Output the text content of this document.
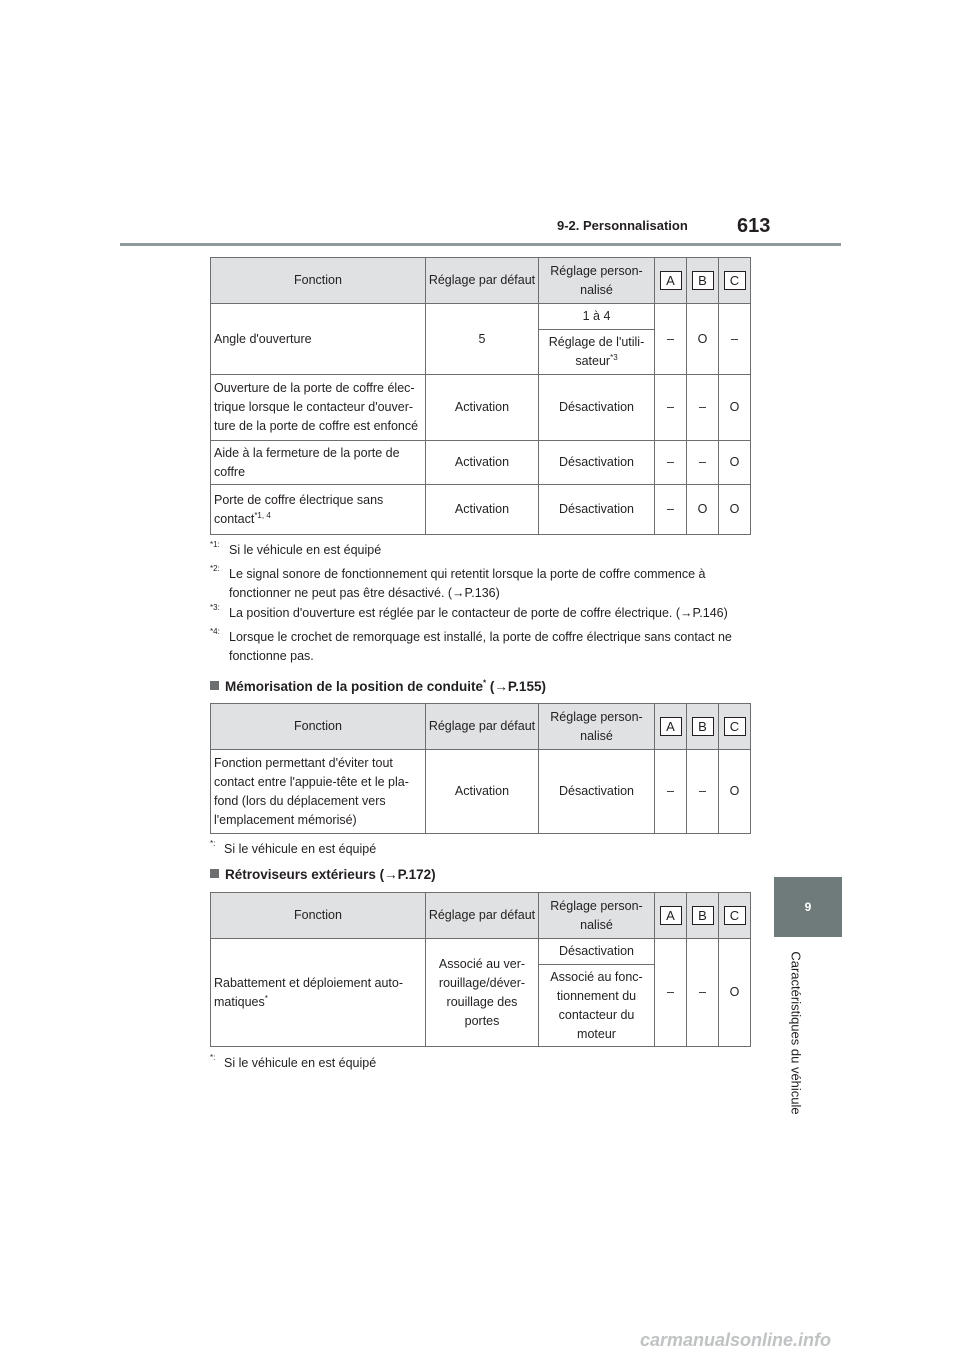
9-2. Personnalisation 613
9
Caractéristiques du véhicule
Fonction	Réglage par défaut	Réglage person-nalisé	A	B	C
Angle d'ouverture	5	1 à 4	–	O	–
		Réglage de l'utili-sateur$^{*3}$
Ouverture de la porte de coffre élec-trique lorsque le contacteur d'ouver-ture de la porte de coffre est enfoncé	Activation	Désactivation	–	–	O
Aide à la fermeture de la porte de coffre	Activation	Désactivation	–	–	O
Porte de coffre électrique sans contact$^{*1, 4}$	Activation	Désactivation	–	O	O
$^{*1:}$ Si le véhicule en est équipé
$^{*2:}$ Le signal sonore de fonctionnement qui retentit lorsque la porte de coffre commence à
fonctionner ne peut pas être désactivé. (→P.136)
$^{*3:}$ La position d'ouverture est réglée par le contacteur de porte de coffre électrique. (→P.146)
$^{*4:}$ Lorsque le crochet de remorquage est installé, la porte de coffre électrique sans contact ne
fonctionne pas.
Mémorisation de la position de conduite* (→P.155)
Fonction	Réglage par défaut	Réglage person-nalisé	A	B	C
Fonction permettant d'éviter tout contact entre l'appuie-tête et le pla-fond (lors du déplacement vers l'emplacement mémorisé)	Activation	Désactivation	–	–	O
*: Si le véhicule en est équipé
Rétroviseurs extérieurs (→P.172)
Fonction	Réglage par défaut	Réglage person-nalisé	A	B	C
Rabattement et déploiement auto-matiques*	Associé au ver-rouillage/déver-rouillage des portes	Désactivation	–	–	O
		Associé au fonc-tionnement du contacteur du moteur			
*: Si le véhicule en est équipé
carmanualsonline.info
